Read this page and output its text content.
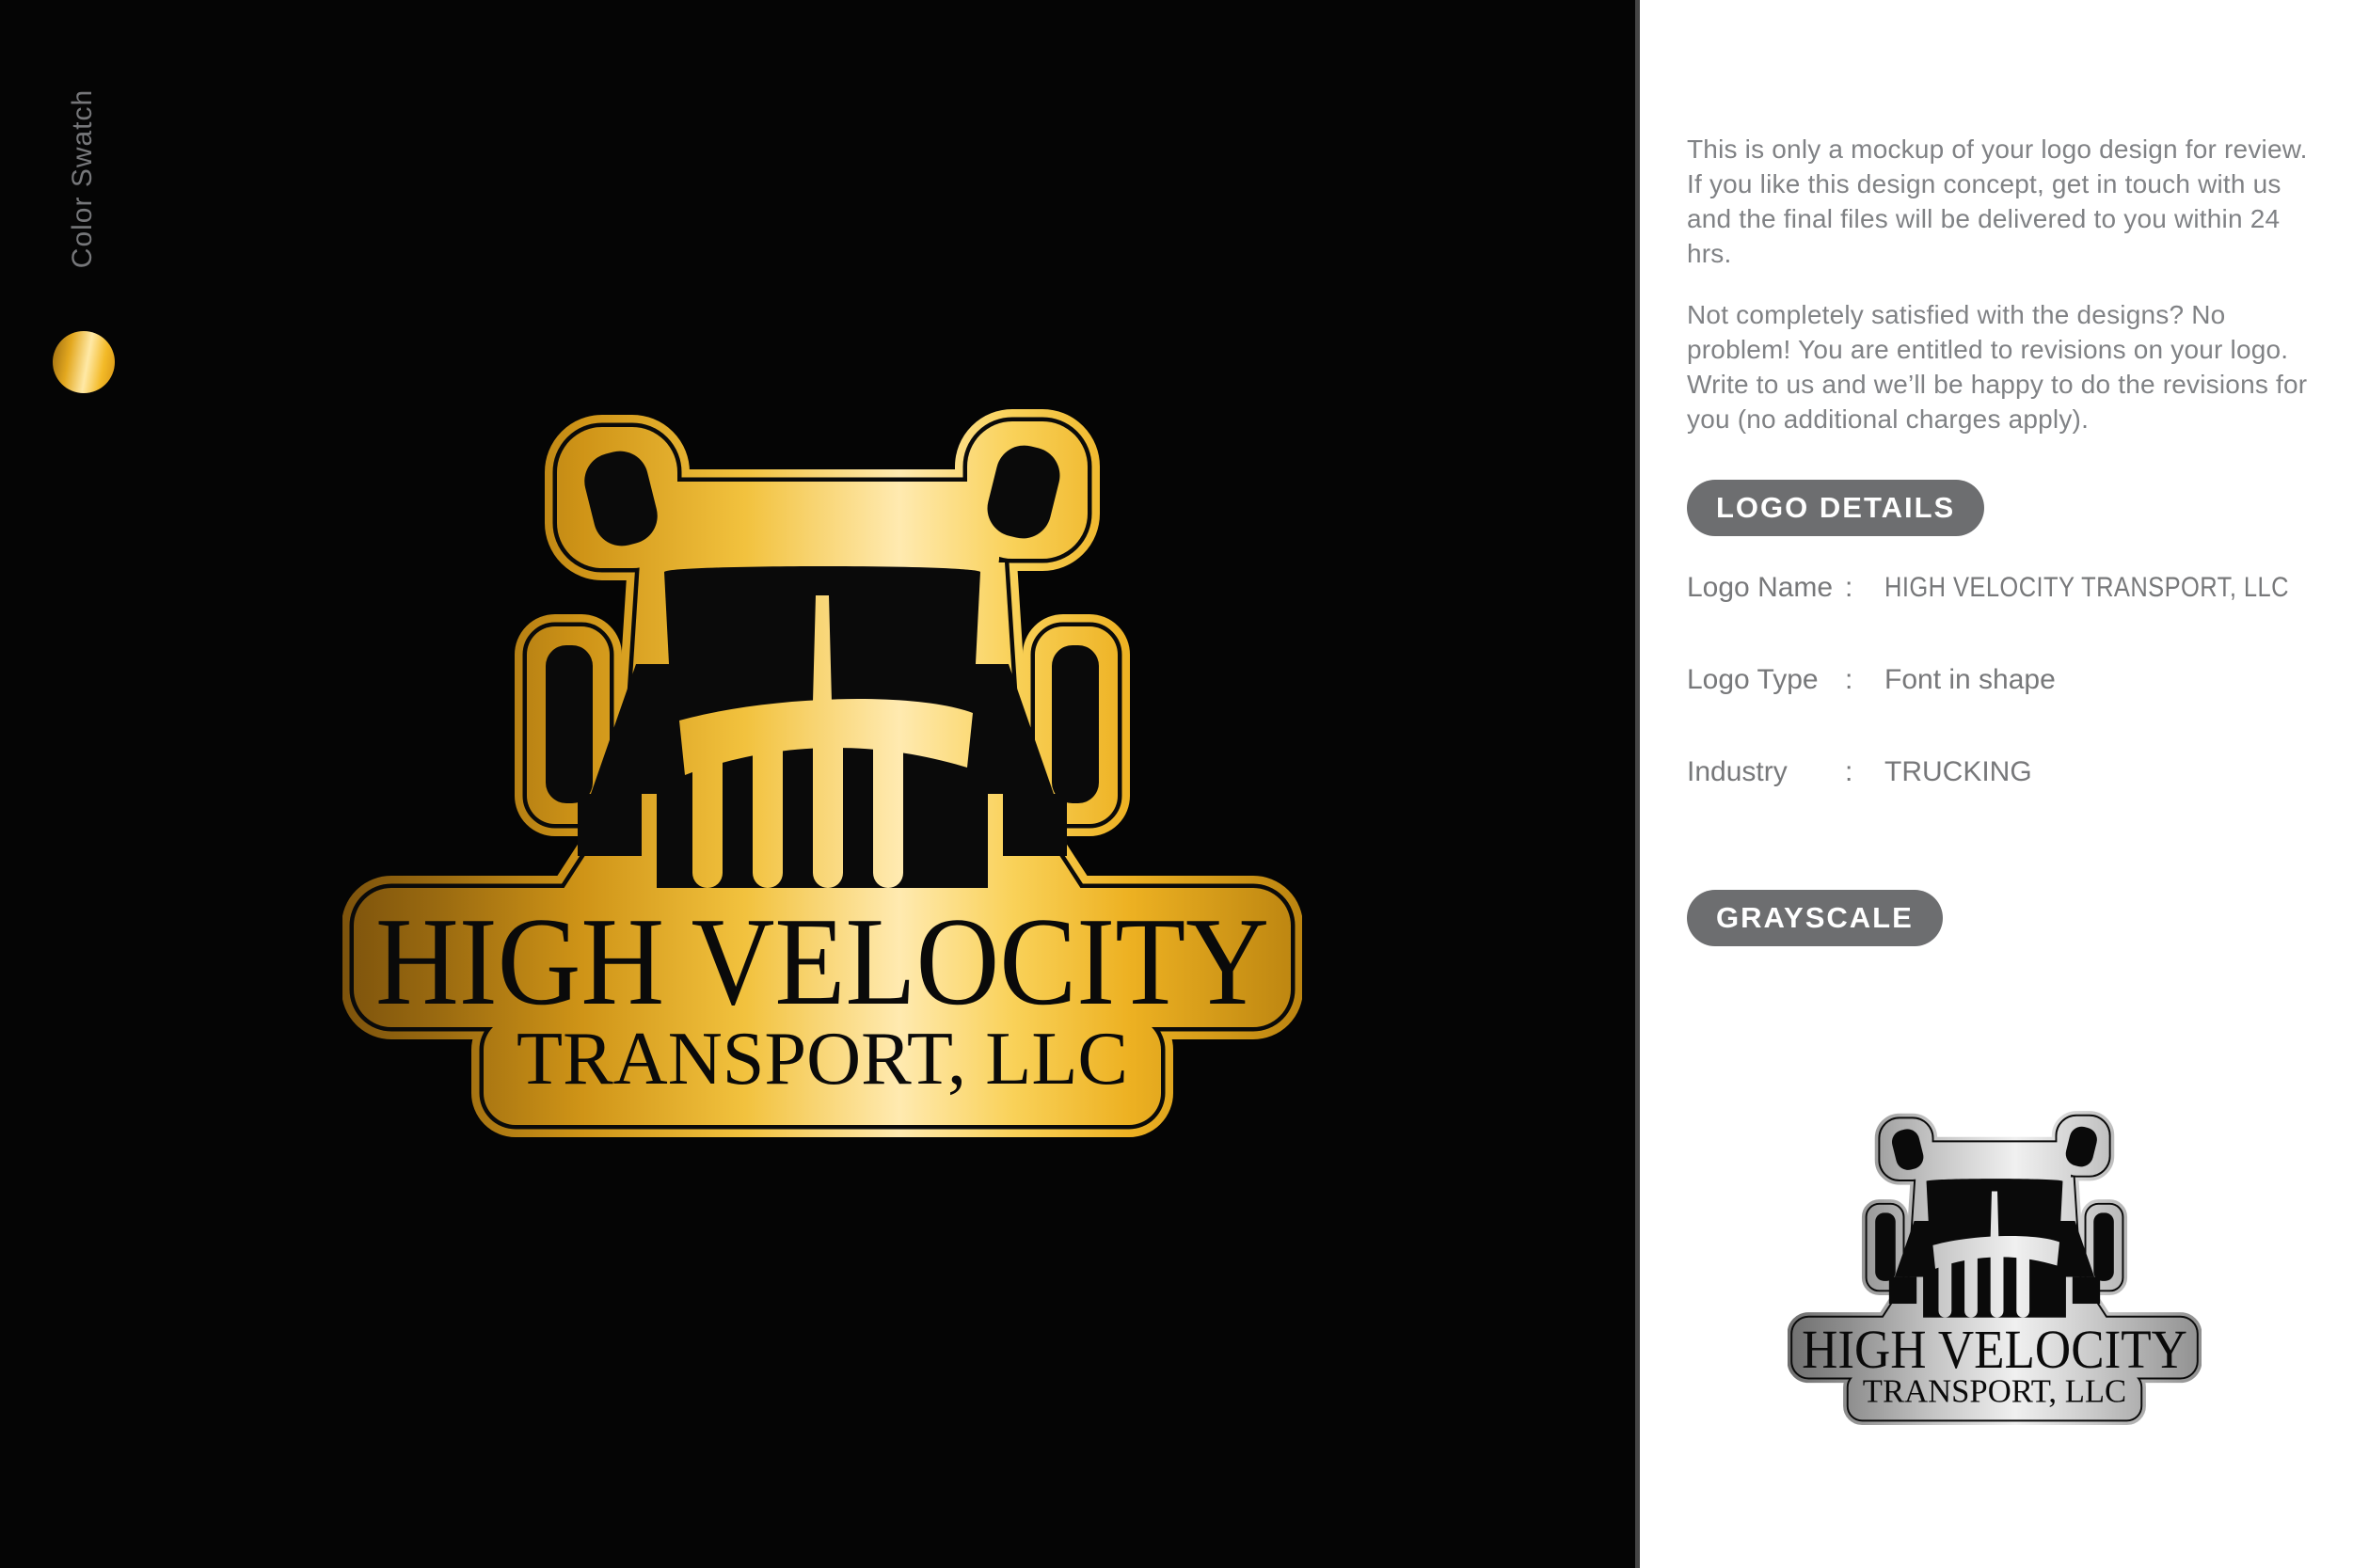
Color Swatch
HIGH VELOCITY
TRANSPORT, LLC

This is only a mockup of your logo design for review. If you like this design concept, get in touch with us and the final files will be delivered to you within 24 hrs.

Not completely satisfied with the designs? No problem! You are entitled to revisions on your logo. Write to us and we’ll be happy to do the revisions for you (no additional charges apply).

LOGO DETAILS
Logo Name :	HIGH VELOCITY TRANSPORT, LLC
Logo Type :	Font in shape
Industry	:	TRUCKING
GRAYSCALE
HIGH VELOCITY
TRANSPORT, LLC
